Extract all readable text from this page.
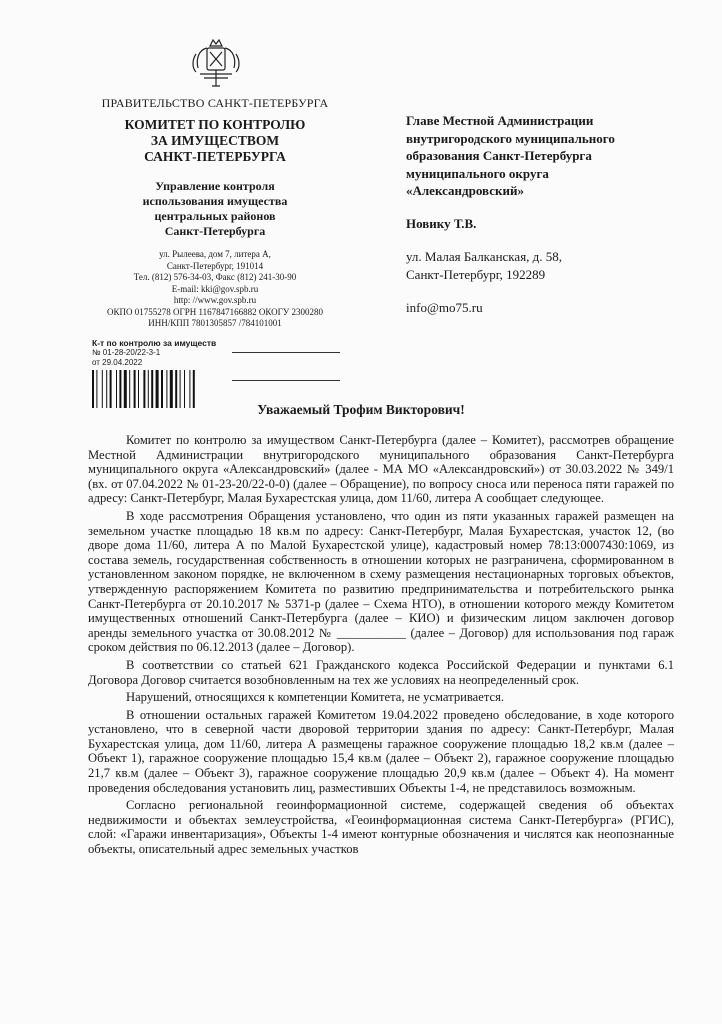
ПРАВИТЕЛЬСТВО САНКТ-ПЕТЕРБУРГА
КОМИТЕТ ПО КОНТРОЛЮ
ЗА ИМУЩЕСТВОМ
САНКТ-ПЕТЕРБУРГА
Управление контроля
использования имущества
центральных районов
Санкт-Петербурга
ул. Рылеева, дом 7, литера А,
Санкт-Петербург, 191014
Тел. (812) 576-34-03, Факс (812) 241-30-90
E-mail: kki@gov.spb.ru
http: //www.gov.spb.ru
ОКПО 01755278 ОГРН 1167847166882 ОКОГУ 2300280
ИНН/КПП 7801305857 /784101001
К-т по контролю за имуществ
№ 01-28-20/22-3-1
от 29.04.2022
Главе Местной Администрации
внутригородского муниципального
образования Санкт-Петербурга
муниципального округа
«Александровский»
Новику Т.В.
ул. Малая Балканская, д. 58,
Санкт-Петербург, 192289
info@mo75.ru
Уважаемый Трофим Викторович!

Комитет по контролю за имуществом Санкт-Петербурга (далее – Комитет), рассмотрев обращение Местной Администрации внутригородского муниципального образования Санкт-Петербурга муниципального округа «Александровский» (далее - МА МО «Александровский») от 30.03.2022 № 349/1 (вх. от 07.04.2022 № 01-23-20/22-0-0) (далее – Обращение), по вопросу сноса или переноса пяти гаражей по адресу: Санкт-Петербург, Малая Бухарестская улица, дом 11/60, литера А сообщает следующее.

В ходе рассмотрения Обращения установлено, что один из пяти указанных гаражей размещен на земельном участке площадью 18 кв.м по адресу: Санкт-Петербург, Малая Бухарестская, участок 12, (во дворе дома 11/60, литера А по Малой Бухарестской улице), кадастровый номер 78:13:0007430:1069, из состава земель, государственная собственность в отношении которых не разграничена, сформированном в установленном законом порядке, не включенном в схему размещения нестационарных торговых объектов, утвержденную распоряжением Комитета по развитию предпринимательства и потребительского рынка Санкт-Петербурга от 20.10.2017 № 5371-р (далее – Схема НТО), в отношении которого между Комитетом имущественных отношений Санкт-Петербурга (далее – КИО) и физическим лицом заключен договор аренды земельного участка от 30.08.2012 № ___________ (далее – Договор) для использования под гараж сроком действия по 06.12.2013 (далее – Договор).

В соответствии со статьей 621 Гражданского кодекса Российской Федерации и пунктами 6.1 Договора Договор считается возобновленным на тех же условиях на неопределенный срок.

Нарушений, относящихся к компетенции Комитета, не усматривается.

В отношении остальных гаражей Комитетом 19.04.2022 проведено обследование, в ходе которого установлено, что в северной части дворовой территории здания по адресу: Санкт-Петербург, Малая Бухарестская улица, дом 11/60, литера А размещены гаражное сооружение площадью 18,2 кв.м (далее – Объект 1), гаражное сооружение площадью 15,4 кв.м (далее – Объект 2), гаражное сооружение площадью 21,7 кв.м (далее – Объект 3), гаражное сооружение площадью 20,9 кв.м (далее – Объект 4). На момент проведения обследования установить лиц, разместивших Объекты 1-4, не представилось возможным.

Согласно региональной геоинформационной системе, содержащей сведения об объектах недвижимости и объектах землеустройства, «Геоинформационная система Санкт-Петербурга» (РГИС), слой: «Гаражи инвентаризация», Объекты 1-4 имеют контурные обозначения и числятся как неопознанные объекты, описательный адрес земельных участков
